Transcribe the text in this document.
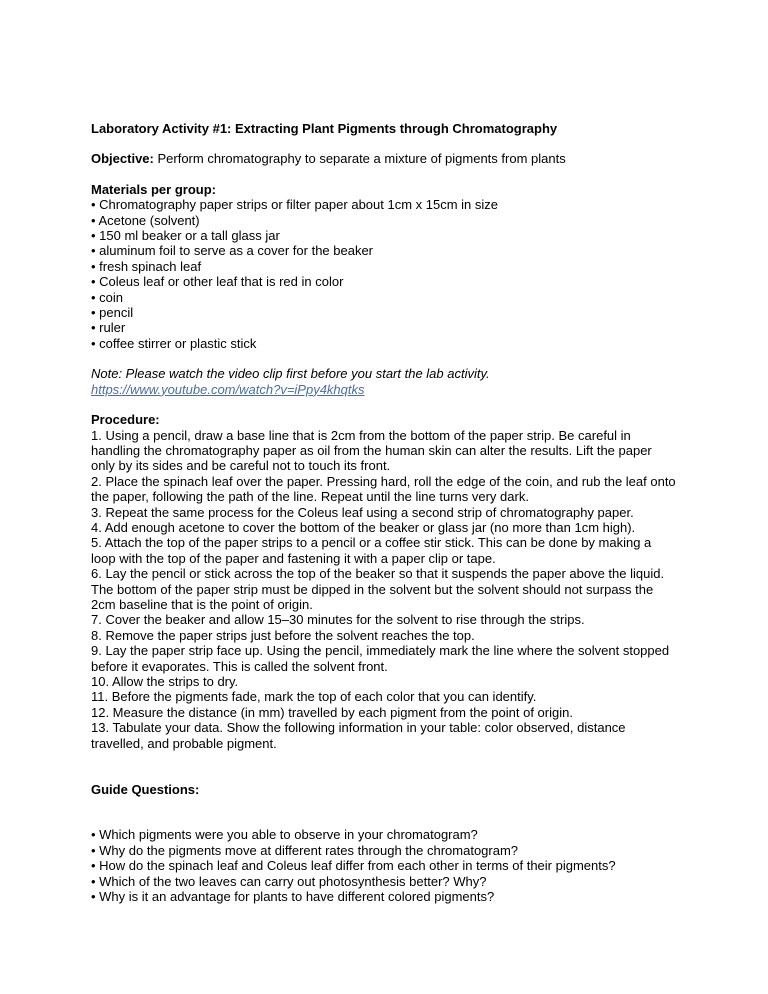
Laboratory Activity #1: Extracting Plant Pigments through Chromatography

Objective: Perform chromatography to separate a mixture of pigments from plants

Materials per group:
• Chromatography paper strips or filter paper about 1cm x 15cm in size
• Acetone (solvent)
• 150 ml beaker or a tall glass jar
• aluminum foil to serve as a cover for the beaker
• fresh spinach leaf
• Coleus leaf or other leaf that is red in color
• coin
• pencil
• ruler
• coffee stirrer or plastic stick
Note: Please watch the video clip first before you start the lab activity.
https://www.youtube.com/watch?v=iPpy4khqtks
Procedure:
1. Using a pencil, draw a base line that is 2cm from the bottom of the paper strip. Be careful in handling the chromatography paper as oil from the human skin can alter the results. Lift the paper only by its sides and be careful not to touch its front.
2. Place the spinach leaf over the paper. Pressing hard, roll the edge of the coin, and rub the leaf onto the paper, following the path of the line. Repeat until the line turns very dark.
3. Repeat the same process for the Coleus leaf using a second strip of chromatography paper.
4. Add enough acetone to cover the bottom of the beaker or glass jar (no more than 1cm high).
5. Attach the top of the paper strips to a pencil or a coffee stir stick. This can be done by making a loop with the top of the paper and fastening it with a paper clip or tape.
6. Lay the pencil or stick across the top of the beaker so that it suspends the paper above the liquid. The bottom of the paper strip must be dipped in the solvent but the solvent should not surpass the 2cm baseline that is the point of origin.
7. Cover the beaker and allow 15–30 minutes for the solvent to rise through the strips.
8. Remove the paper strips just before the solvent reaches the top.
9. Lay the paper strip face up. Using the pencil, immediately mark the line where the solvent stopped before it evaporates. This is called the solvent front.
10. Allow the strips to dry.
11. Before the pigments fade, mark the top of each color that you can identify.
12. Measure the distance (in mm) travelled by each pigment from the point of origin.
13. Tabulate your data. Show the following information in your table: color observed, distance travelled, and probable pigment.
Guide Questions:
• Which pigments were you able to observe in your chromatogram?
• Why do the pigments move at different rates through the chromatogram?
• How do the spinach leaf and Coleus leaf differ from each other in terms of their pigments?
• Which of the two leaves can carry out photosynthesis better? Why?
• Why is it an advantage for plants to have different colored pigments?
